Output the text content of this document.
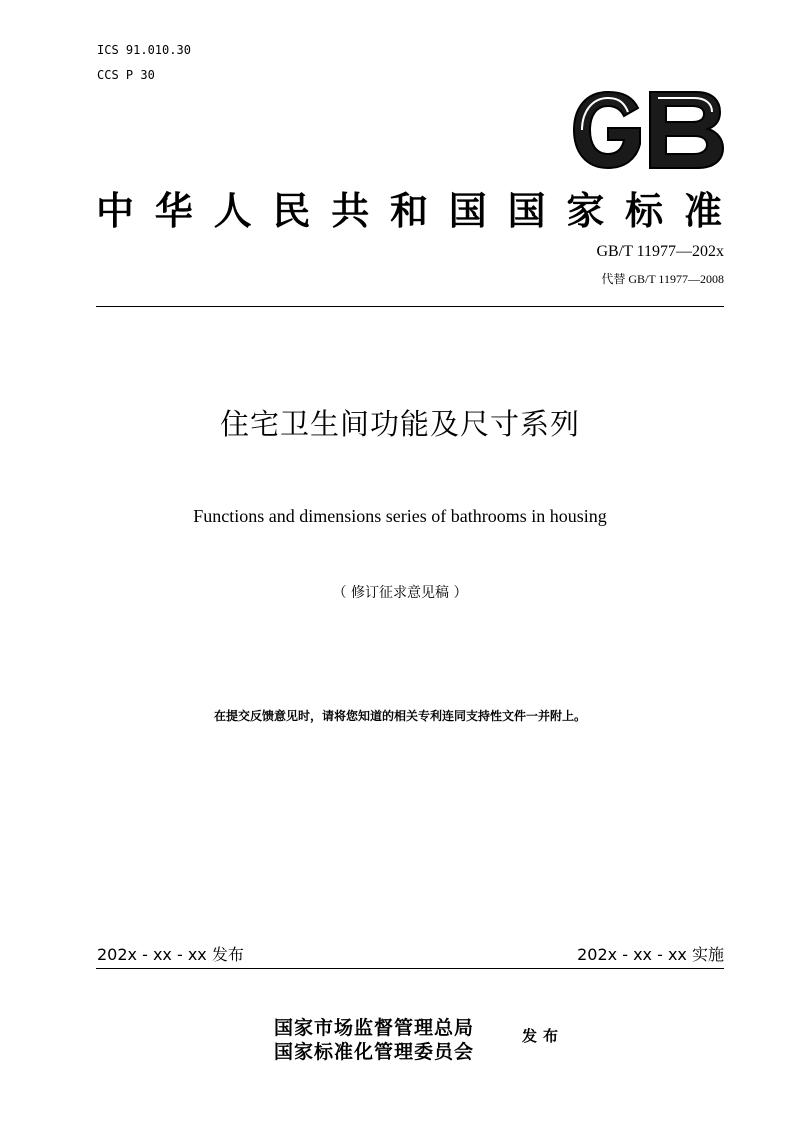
ICS 91.010.30
CCS P 30
中华人民共和国国家标准
GB/T 11977—202x
代替 GB/T 11977—2008
住宅卫生间功能及尺寸系列
Functions and dimensions series of bathrooms in housing
（ 修订征求意见稿 ）
在提交反馈意见时，请将您知道的相关专利连同支持性文件一并附上。
202x - xx - xx 发布	202x - xx - xx 实施
国家市场监督管理总局
国家标准化管理委员会
发布
